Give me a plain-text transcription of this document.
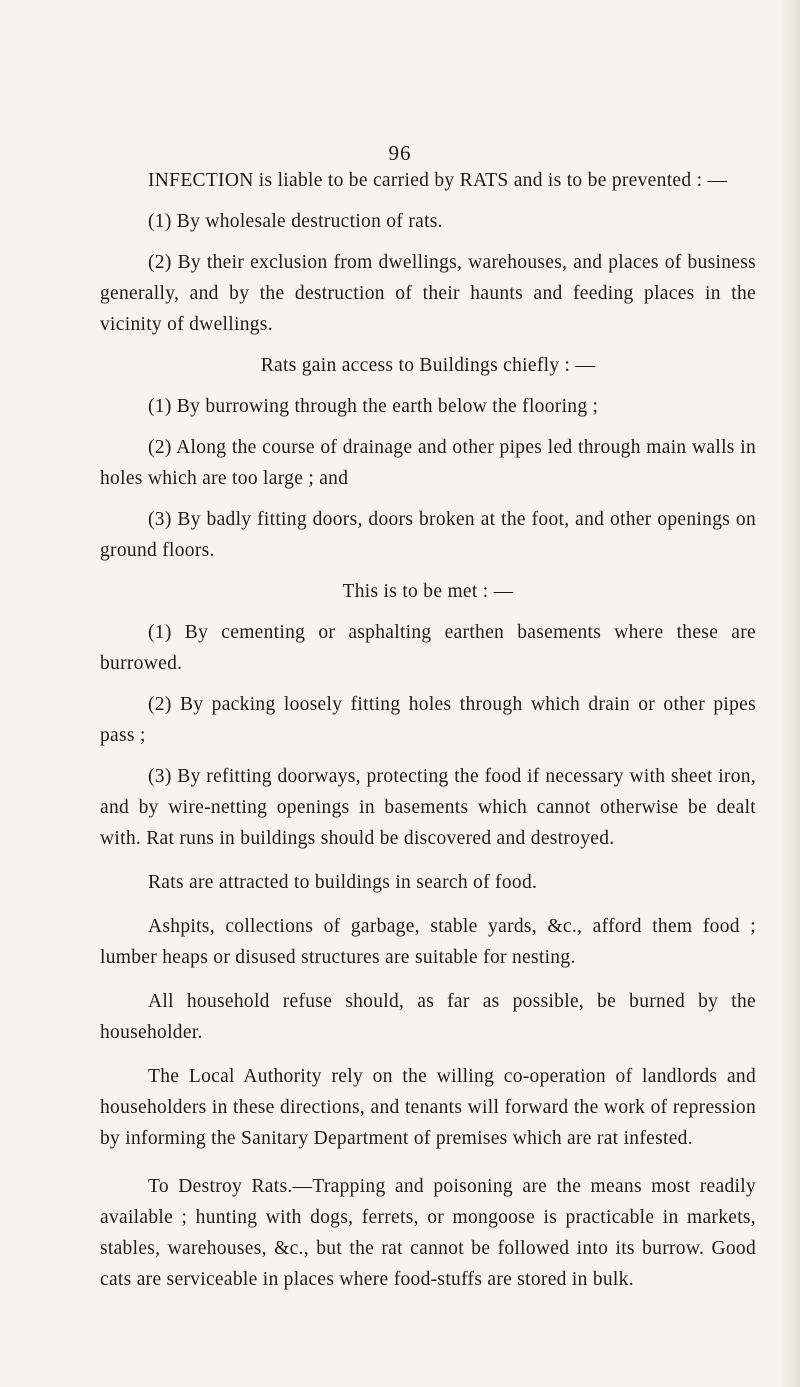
96

INFECTION is liable to be carried by RATS and is to be prevented : —

(1) By wholesale destruction of rats.

(2) By their exclusion from dwellings, warehouses, and places of business generally, and by the destruction of their haunts and feeding places in the vicinity of dwellings.

Rats gain access to Buildings chiefly : —

(1) By burrowing through the earth below the flooring ;

(2) Along the course of drainage and other pipes led through main walls in holes which are too large ; and

(3) By badly fitting doors, doors broken at the foot, and other openings on ground floors.

This is to be met : —

(1) By cementing or asphalting earthen basements where these are burrowed.

(2) By packing loosely fitting holes through which drain or other pipes pass ;

(3) By refitting doorways, protecting the food if necessary with sheet iron, and by wire-netting openings in basements which cannot otherwise be dealt with. Rat runs in buildings should be discovered and destroyed.

Rats are attracted to buildings in search of food.

Ashpits, collections of garbage, stable yards, &c., afford them food ; lumber heaps or disused structures are suitable for nesting.

All household refuse should, as far as possible, be burned by the householder.

The Local Authority rely on the willing co-operation of landlords and householders in these directions, and tenants will forward the work of repression by informing the Sanitary Department of premises which are rat infested.

To Destroy Rats.—Trapping and poisoning are the means most readily available ; hunting with dogs, ferrets, or mongoose is practicable in markets, stables, warehouses, &c., but the rat cannot be followed into its burrow. Good cats are serviceable in places where food-stuffs are stored in bulk.
